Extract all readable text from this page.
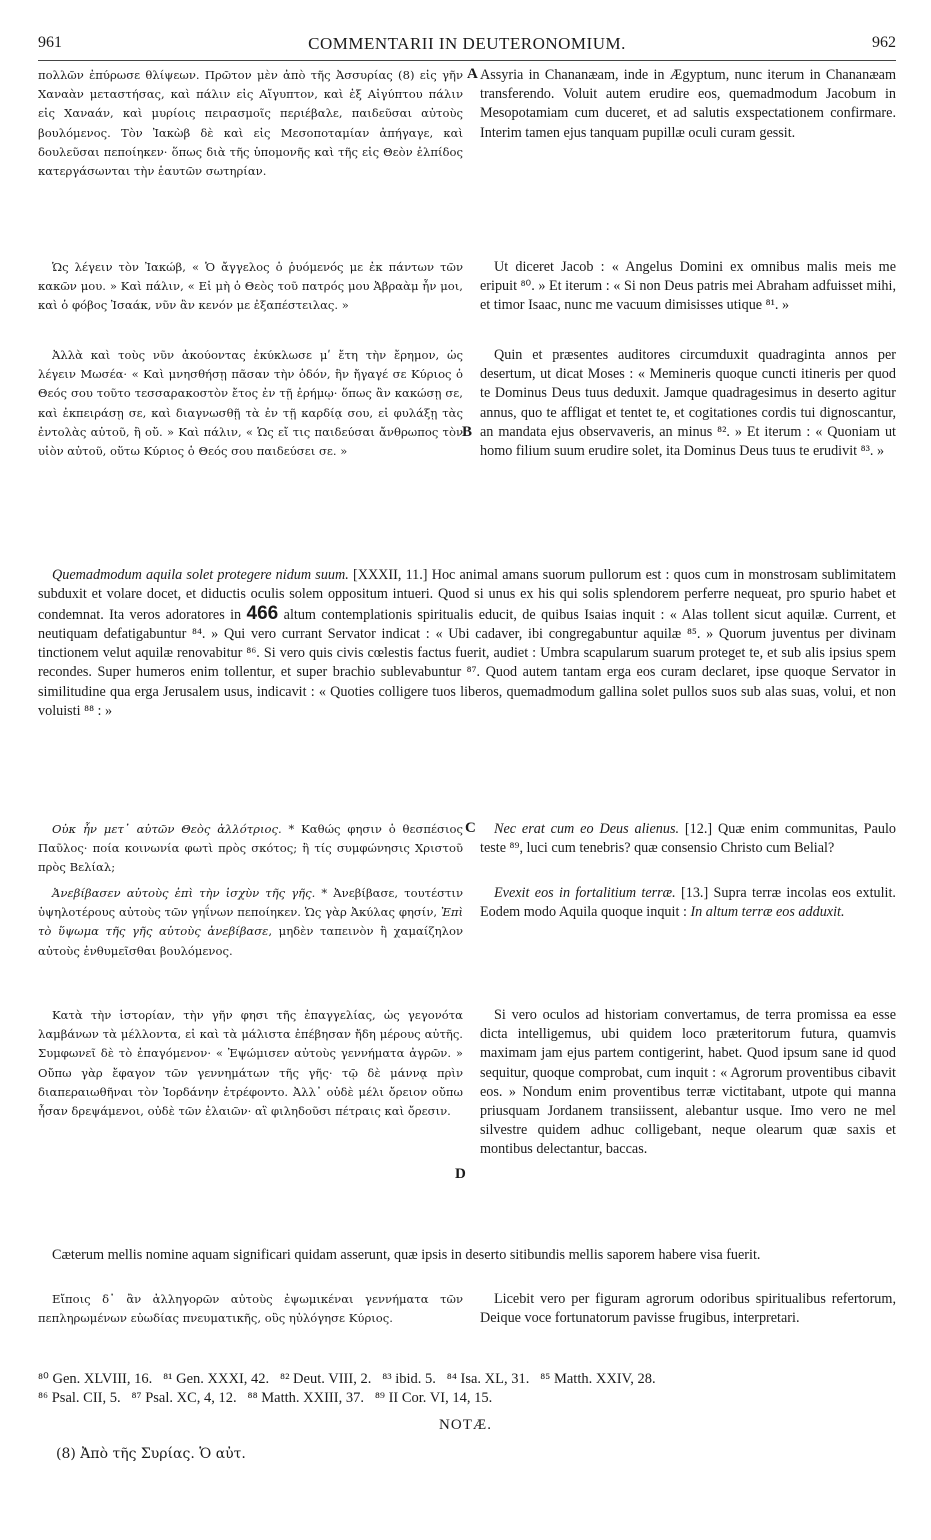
961	COMMENTARII IN DEUTERONOMIUM.	962

πολλῶν ἐπύρωσε θλίψεων. Πρῶτον μὲν ἀπὸ τῆς Ἀσσυρίας (8) εἰς γῆν Χαναὰν μεταστήσας, καὶ πάλιν εἰς Αἴγυπτον, καὶ ἐξ Αἰγύπτου πάλιν εἰς Χαναάν, καὶ μυρίοις πειρασμοῖς περιέβαλε, παιδεῦσαι αὐτοὺς βουλόμενος. Τὸν Ἰακὼβ δὲ καὶ εἰς Μεσοποταμίαν ἀπήγαγε, καὶ δουλεῦσαι πεποίηκεν· ὅπως διὰ τῆς ὑπομονῆς καὶ τῆς εἰς Θεὸν ἐλπίδος κατεργάσωνται τὴν ἑαυτῶν σωτηρίαν.

A Assyria in Chananæam, inde in Ægyptum, nunc iterum in Chananæam transferendo. Voluit autem erudire eos, quemadmodum Jacobum in Mesopotamiam cum duceret, et ad salutis exspectationem confirmare. Interim tamen ejus tanquam pupillæ oculi curam gessit.

Ὡς λέγειν τὸν Ἰακώβ, « Ὁ ἄγγελος ὁ ῥυόμενός με ἐκ πάντων τῶν κακῶν μου. » Καὶ πάλιν, « Εἰ μὴ ὁ Θεὸς τοῦ πατρός μου Ἀβραὰμ ἦν μοι, καὶ ὁ φόβος Ἰσαάκ, νῦν ἂν κενόν με ἐξαπέστειλας. »

Ut diceret Jacob : « Angelus Domini ex omnibus malis meis me eripuit ⁸⁰. » Et iterum : « Si non Deus patris mei Abraham adfuisset mihi, et timor Isaac, nunc me vacuum dimisisses utique ⁸¹. »

Ἀλλὰ καὶ τοὺς νῦν ἀκούοντας ἐκύκλωσε μʹ ἔτη τὴν ἔρημον, ὡς λέγειν Μωσέα· « Καὶ μνησθήσῃ πᾶσαν τὴν ὁδόν, ἣν ἤγαγέ σε Κύριος ὁ Θεός σου τοῦτο τεσσαρακοστὸν ἔτος ἐν τῇ ἐρήμῳ· ὅπως ἂν κακώσῃ σε, καὶ ἐκπειράσῃ σε, καὶ διαγνωσθῇ τὰ ἐν τῇ καρδίᾳ σου, εἰ φυλάξῃ τὰς ἐντολὰς αὐτοῦ, ἢ οὔ. » Καὶ πάλιν, « Ὡς εἴ τις παιδεύσαι ἄνθρωπος τὸν υἱὸν αὐτοῦ, οὕτω Κύριος ὁ Θεός σου παιδεύσει σε. »

B

Quin et præsentes auditores circumduxit quadraginta annos per desertum, ut dicat Moses : « Memineris quoque cuncti itineris per quod te Dominus Deus tuus deduxit. Jamque quadragesimus in deserto agitur annus, quo te affligat et tentet te, et cogitationes cordis tui dignoscantur, an mandata ejus observaveris, an minus ⁸². » Et iterum : « Quoniam ut homo filium suum erudire solet, ita Dominus Deus tuus te erudivit ⁸³. »

Quemadmodum aquila solet protegere nidum suum. [XXXII, 11.] Hoc animal amans suorum pullorum est : quos cum in monstrosam sublimitatem subduxit et volare docet, et diductis oculis solem oppositum intueri. Quod si unus ex his qui solis splendorem perferre nequeat, pro spurio habet et condemnat. Ita veros adoratores in 466 altum contemplationis spiritualis educit, de quibus Isaias inquit : « Alas tollent sicut aquilæ. Current, et neutiquam defatigabuntur ⁸⁴. » Qui vero currant Servator indicat : « Ubi cadaver, ibi congregabuntur aquilæ ⁸⁵. » Quorum juventus per divinam tinctionem velut aquilæ renovabitur ⁸⁶. Si vero quis civis cœlestis factus fuerit, audiet : Umbra scapularum suarum proteget te, et sub alis ipsius spem recondes. Super humeros enim tollentur, et super brachio sublevabuntur ⁸⁷. Quod autem tantam erga eos curam declaret, ipse quoque Servator in similitudine qua erga Jerusalem usus, indicavit : « Quoties colligere tuos liberos, quemadmodum gallina solet pullos suos sub alas suas, volui, et non voluisti ⁸⁸ : »

Οὐκ ἦν μετ᾽ αὐτῶν Θεὸς ἀλλότριος. * Καθώς φησιν ὁ θεσπέσιος Παῦλος· ποία κοινωνία φωτὶ πρὸς σκότος; ἢ τίς συμφώνησις Χριστοῦ πρὸς Βελίαλ;

C	Nec erat cum eo Deus alienus. [12.] Quæ enim communitas, Paulo teste ⁸⁹, luci cum tenebris? quæ consensio Christo cum Belial?

Ἀνεβίβασεν αὐτοὺς ἐπὶ τὴν ἰσχὺν τῆς γῆς. * Ἀνεβίβασε, τουτέστιν ὑψηλοτέρους αὐτοὺς τῶν γηΐνων πεποίηκεν. Ὡς γὰρ Ἀκύλας φησίν, Ἐπὶ τὸ ὕψωμα τῆς γῆς αὐτοὺς ἀνεβίβασε, μηδὲν ταπεινὸν ἢ χαμαίζηλον αὐτοὺς ἐνθυμεῖσθαι βουλόμενος.

Evexit eos in fortalitium terræ. [13.] Supra terræ incolas eos extulit. Eodem modo Aquila quoque inquit : In altum terræ eos adduxit.

Κατὰ τὴν ἱστορίαν, τὴν γῆν φησι τῆς ἐπαγγελίας, ὡς γεγονότα λαμβάνων τὰ μέλλοντα, εἰ καὶ τὰ μάλιστα ἐπέβησαν ἤδη μέρους αὐτῆς. Συμφωνεῖ δὲ τὸ ἐπαγόμενον· « Ἐψώμισεν αὐτοὺς γεννήματα ἀγρῶν. » Οὔπω γὰρ ἔφαγον τῶν γεννημάτων τῆς γῆς· τῷ δὲ μάννᾳ πρὶν διαπεραιωθῆναι τὸν Ἰορδάνην ἐτρέφοντο. Ἀλλ᾽ οὐδὲ μέλι ὄρειον οὔπω ἦσαν δρεψάμενοι, οὐδὲ τῶν ἐλαιῶν· αἳ φιληδοῦσι πέτραις καὶ ὄρεσιν.

D

Si vero oculos ad historiam convertamus, de terra promissa ea esse dicta intelligemus, ubi quidem loco præteritorum futura, quamvis maximam jam ejus partem contigerint, habet. Quod ipsum sane id quod sequitur, quoque comprobat, cum inquit : « Agrorum proventibus cibavit eos. » Nondum enim proventibus terræ victitabant, utpote qui manna priusquam Jordanem transiissent, alebantur usque. Imo vero ne mel silvestre quidem adhuc colligebant, neque olearum quæ saxis et montibus delectantur, baccas.

Cæterum mellis nomine aquam significari quidam asserunt, quæ ipsis in deserto sitibundis mellis saporem habere visa fuerit.

Εἴποις δ᾽ ἂν ἀλληγορῶν αὐτοὺς ἐψωμικέναι γεννήματα τῶν πεπληρωμένων εὐωδίας πνευματικῆς, οὓς ηὐλόγησε Κύριος.

Licebit vero per figuram agrorum odoribus spiritualibus refertorum, Deique voce fortunatorum pavisse frugibus, interpretari.

⁸⁰ Gen. XLVIII, 16.   ⁸¹ Gen. XXXI, 42.   ⁸² Deut. VIII, 2.   ⁸³ ibid. 5.   ⁸⁴ Isa. XL, 31.   ⁸⁵ Matth. XXIV, 28.
⁸⁶ Psal. CII, 5.   ⁸⁷ Psal. XC, 4, 12.   ⁸⁸ Matth. XXIII, 37.   ⁸⁹ II Cor. VI, 14, 15.
NOTÆ.
(8) Ἀπὸ τῆς Συρίας. Ὁ αὐτ.
